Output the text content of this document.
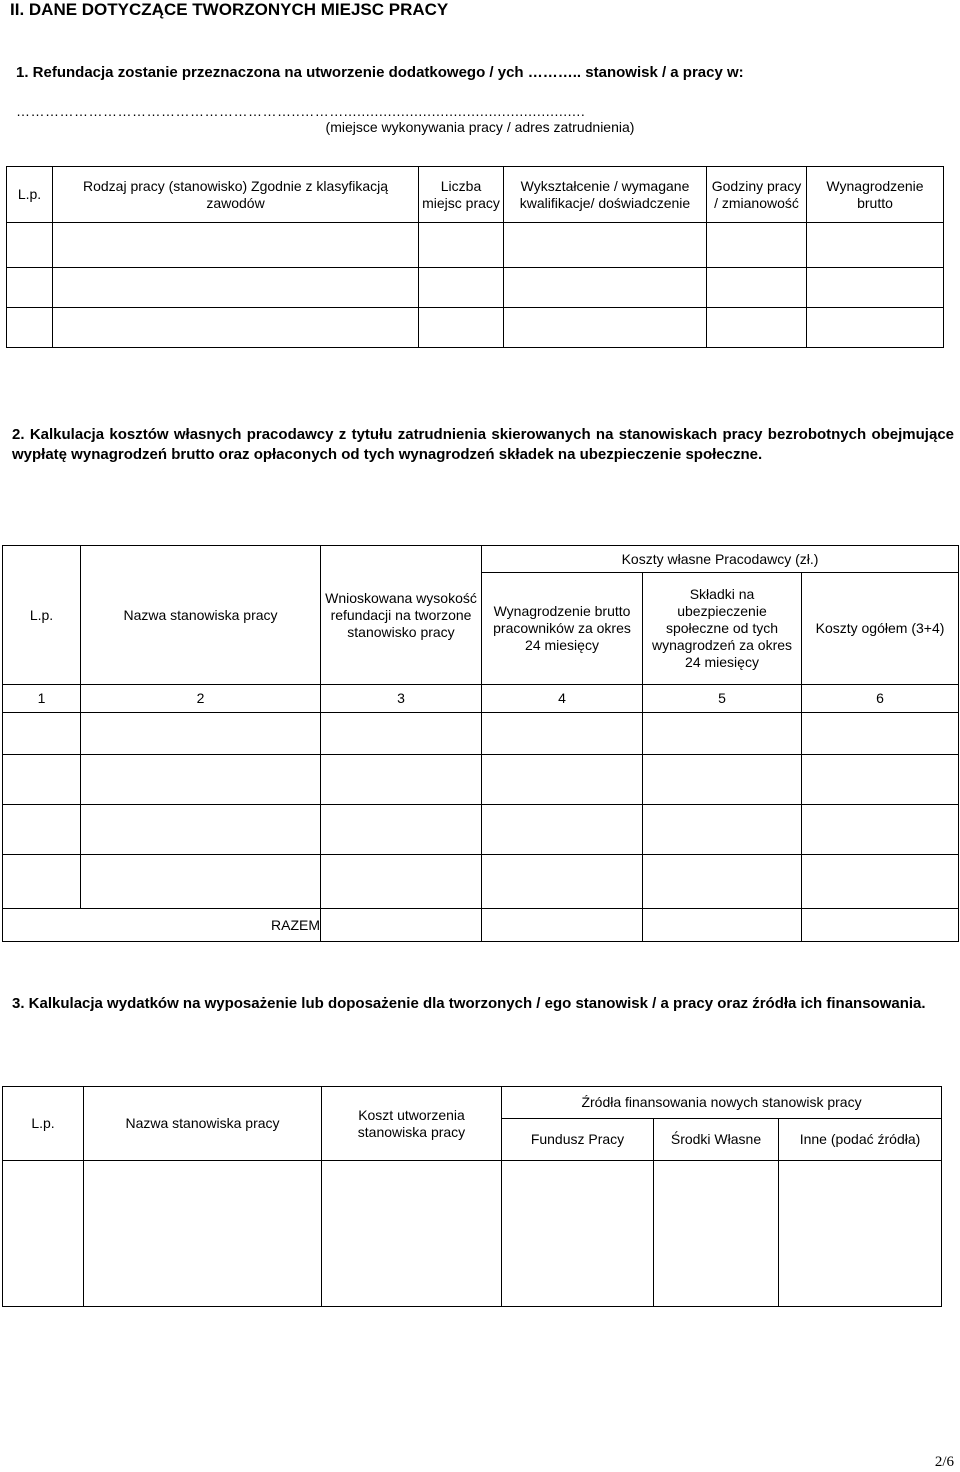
II. DANE DOTYCZĄCE TWORZONYCH MIEJSC PRACY
1. Refundacja zostanie przeznaczona na utworzenie dodatkowego / ych ……….. stanowisk / a pracy w:
…………………………………………………..……….......................................................
(miejsce wykonywania pracy / adres zatrudnienia)
L.p.	Rodzaj pracy (stanowisko) Zgodnie z klasyfikacją zawodów	Liczba miejsc pracy	Wykształcenie / wymagane kwalifikacje/ doświadczenie	Godziny pracy / zmianowość	Wynagrodzenie brutto

2. Kalkulacja kosztów własnych pracodawcy z tytułu zatrudnienia skierowanych na stanowiskach pracy bezrobotnych obejmujące wypłatę wynagrodzeń brutto oraz opłaconych od tych wynagrodzeń składek na ubezpieczenie społeczne.
L.p.	Nazwa stanowiska pracy	Wnioskowana wysokość refundacji na tworzone stanowisko pracy	Koszty własne Pracodawcy (zł.)		
			Wynagrodzenie brutto pracowników za okres 24 miesięcy	Składki na ubezpieczenie społeczne od tych wynagrodzeń za okres 24 miesięcy	Koszty ogółem (3+4)
1	2	3	4	5	6

RAZEM					
3. Kalkulacja wydatków na wyposażenie lub doposażenie dla tworzonych / ego stanowisk / a pracy oraz źródła ich finansowania.
L.p.	Nazwa stanowiska pracy	Koszt utworzenia stanowiska pracy	Źródła finansowania nowych stanowisk pracy		
			Fundusz Pracy	Środki Własne	Inne (podać źródła)

2/6
